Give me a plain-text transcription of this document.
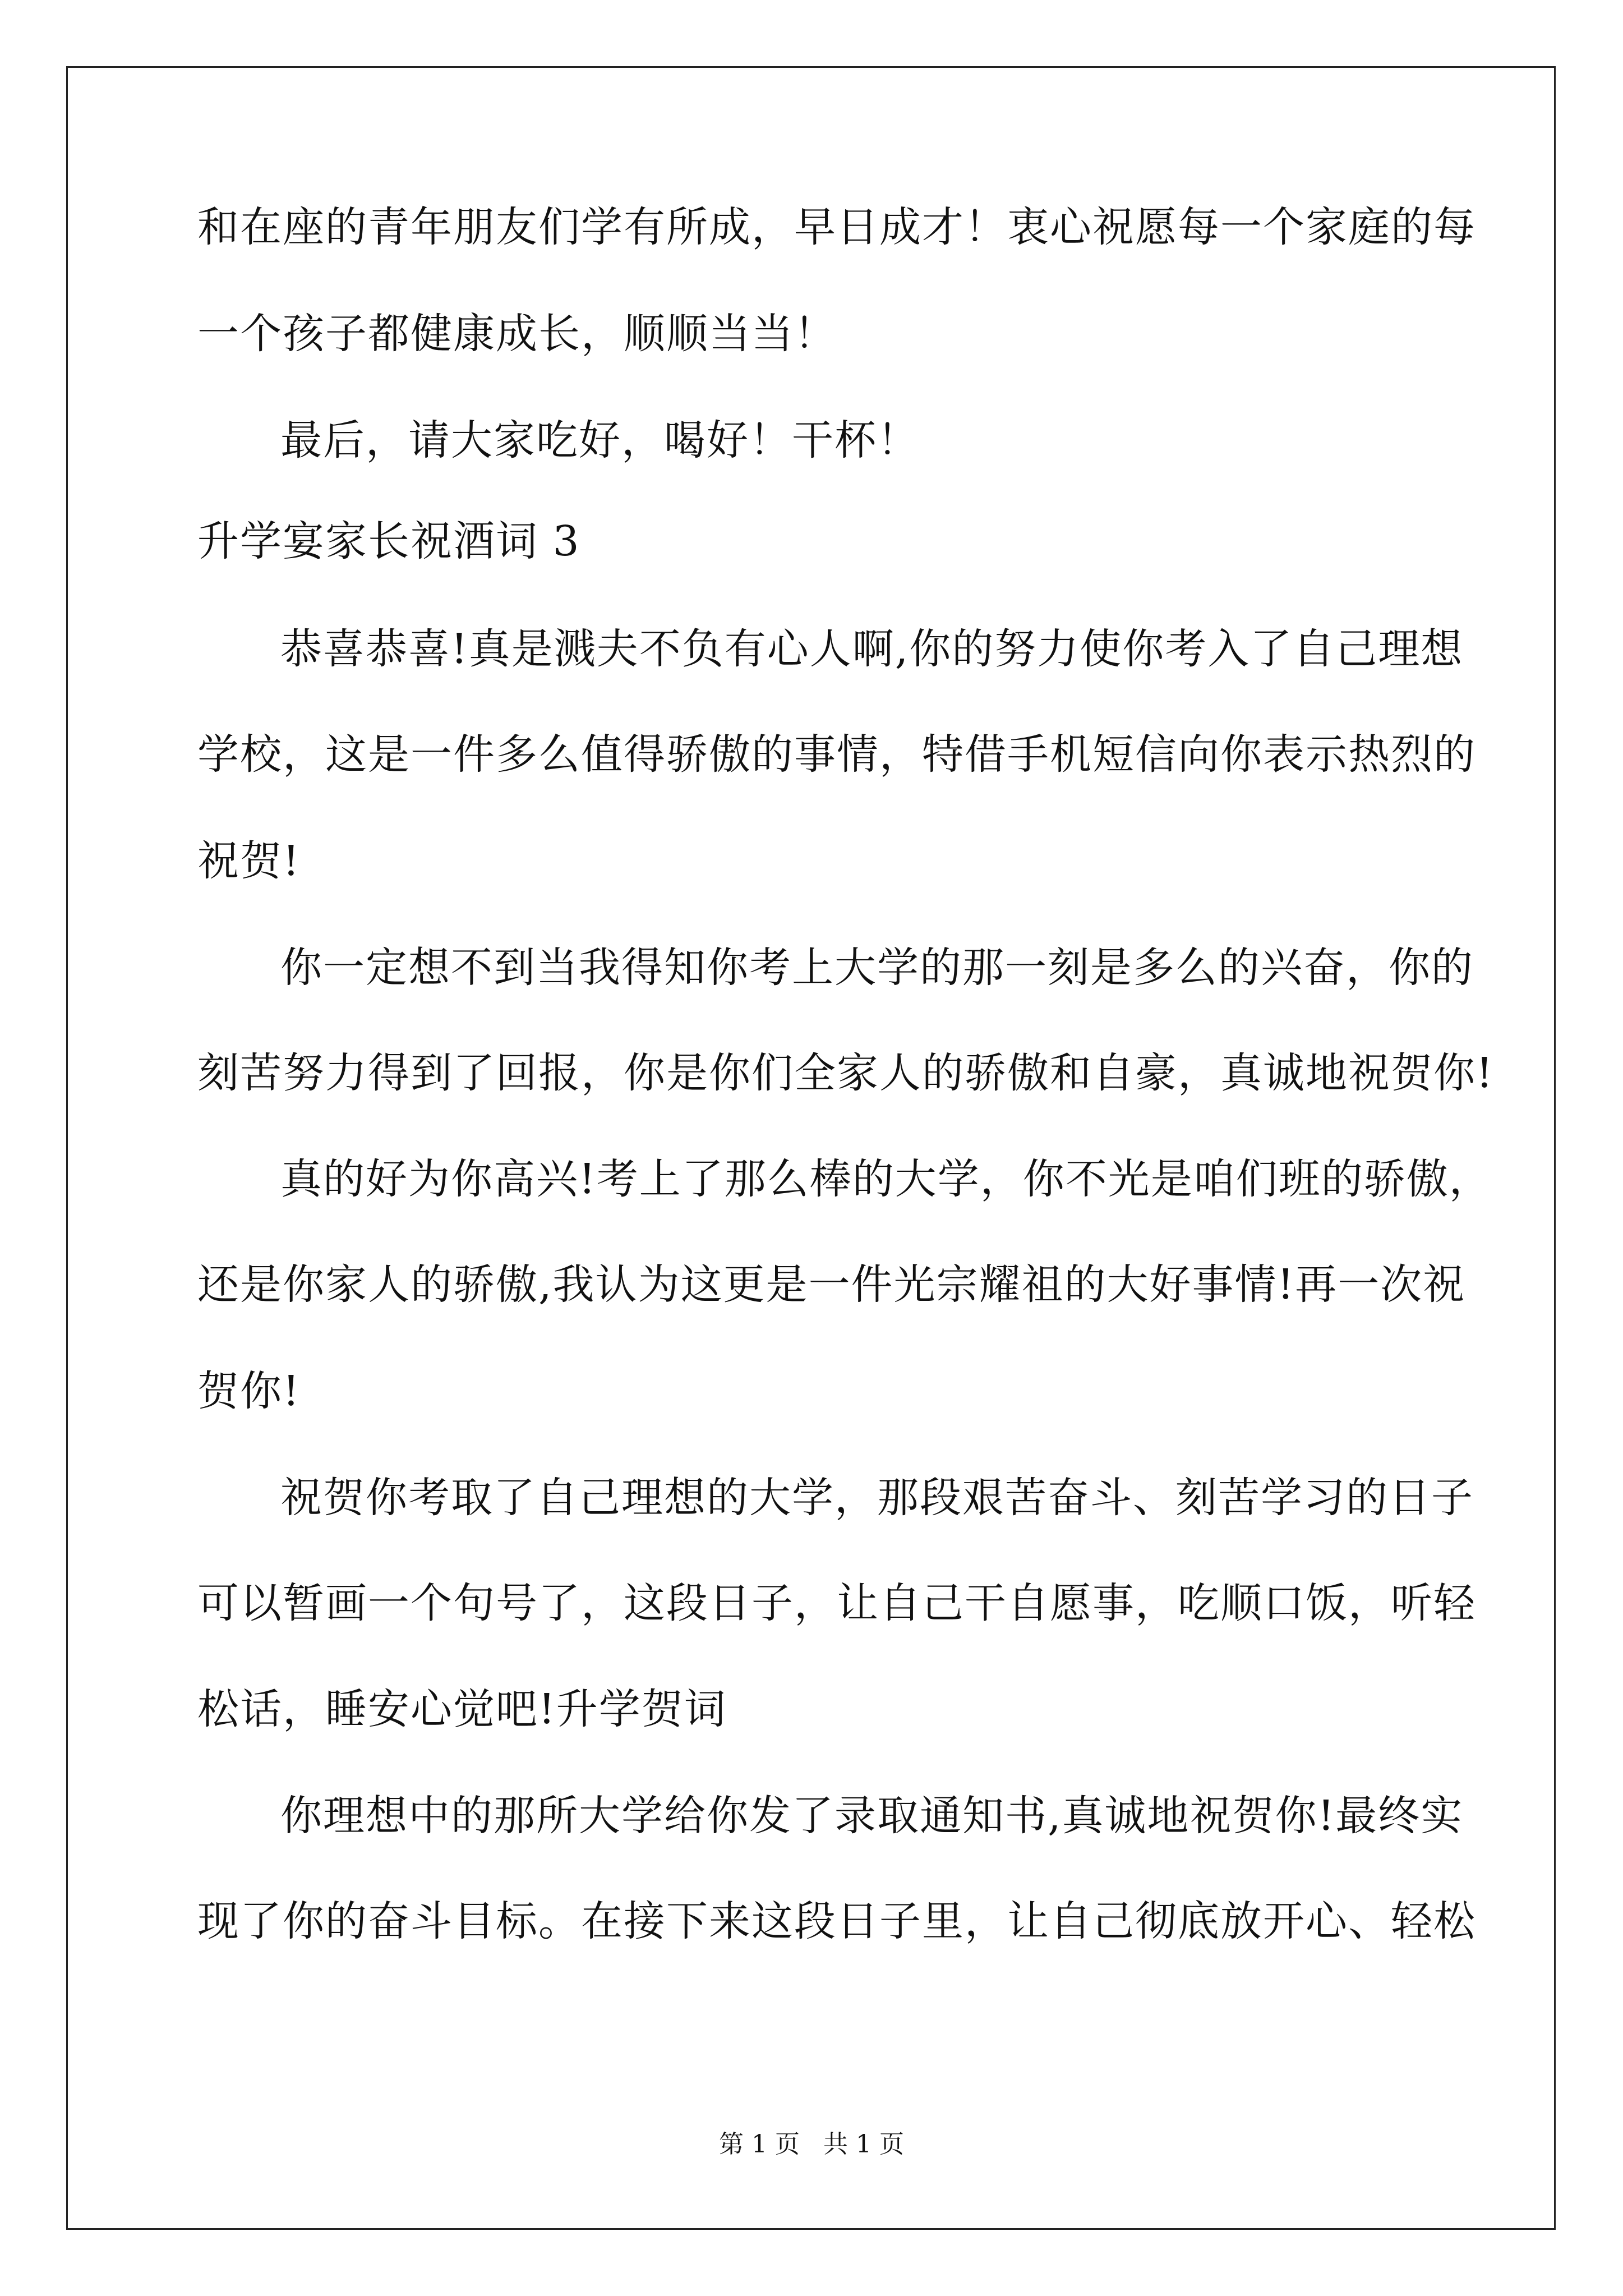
和在座的青年朋友们学有所成，早日成才！衷心祝愿每一个家庭的每
一个孩子都健康成长，顺顺当当！
最后，请大家吃好，喝好！干杯！
升学宴家长祝酒词 3
恭喜恭喜!真是溅夫不负有心人啊,你的努力使你考入了自己理想
学校，这是一件多么值得骄傲的事情，特借手机短信向你表示热烈的
祝贺!
你一定想不到当我得知你考上大学的那一刻是多么的兴奋，你的
刻苦努力得到了回报，你是你们全家人的骄傲和自豪，真诚地祝贺你!
真的好为你高兴!考上了那么棒的大学，你不光是咱们班的骄傲，
还是你家人的骄傲,我认为这更是一件光宗耀祖的大好事情!再一次祝
贺你!
祝贺你考取了自己理想的大学，那段艰苦奋斗、刻苦学习的日子
可以暂画一个句号了，这段日子，让自己干自愿事，吃顺口饭，听轻
松话，睡安心觉吧!升学贺词
你理想中的那所大学给你发了录取通知书,真诚地祝贺你!最终实
现了你的奋斗目标。在接下来这段日子里，让自己彻底放开心、轻松
第 1 页 共 1 页
